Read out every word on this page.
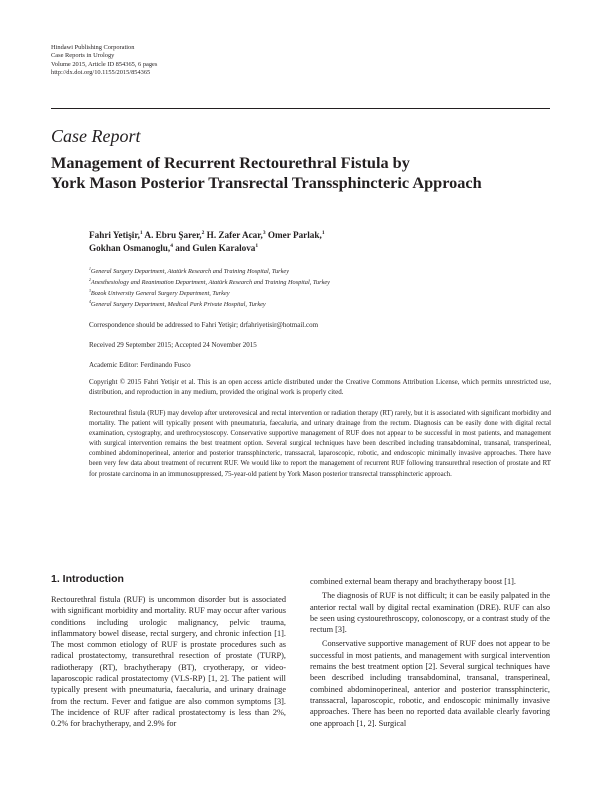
Hindawi Publishing Corporation
Case Reports in Urology
Volume 2015, Article ID 854365, 6 pages
http://dx.doi.org/10.1155/2015/854365
Case Report
Management of Recurrent Rectourethral Fistula by
York Mason Posterior Transrectal Transsphincteric Approach
Fahri Yetişir,$^1$ A. Ebru Şarer,$^2$ H. Zafer Acar,$^3$ Omer Parlak,$^1$
Gokhan Osmanoglu,$^4$ and Gulen Karalova$^1$
$^1$General Surgery Department, Atatürk Research and Training Hospital, Turkey
$^2$Anesthesiology and Reanimation Department, Atatürk Research and Training Hospital, Turkey
$^3$Bozok University General Surgery Department, Turkey
$^4$General Surgery Department, Medical Park Private Hospital, Turkey
Correspondence should be addressed to Fahri Yetişir; drfahriyetisir@hotmail.com
Received 29 September 2015; Accepted 24 November 2015
Academic Editor: Ferdinando Fusco
Copyright © 2015 Fahri Yetişir et al. This is an open access article distributed under the Creative Commons Attribution License, which permits unrestricted use, distribution, and reproduction in any medium, provided the original work is properly cited.
Rectourethral fistula (RUF) may develop after ureterovesical and rectal intervention or radiation therapy (RT) rarely, but it is associated with significant morbidity and mortality. The patient will typically present with pneumaturia, faecaluria, and urinary drainage from the rectum. Diagnosis can be easily done with digital rectal examination, cystography, and urethrocystoscopy. Conservative supportive management of RUF does not appear to be successful in most patients, and management with surgical intervention remains the best treatment option. Several surgical techniques have been described including transabdominal, transanal, transperineal, combined abdominoperineal, anterior and posterior transsphincteric, transsacral, laparoscopic, robotic, and endoscopic minimally invasive approaches. There have been very few data about treatment of recurrent RUF. We would like to report the management of recurrent RUF following transurethral resection of prostate and RT for prostate carcinoma in an immunosuppressed, 75-year-old patient by York Mason posterior transrectal transsphincteric approach.
1. Introduction

Rectourethral fistula (RUF) is uncommon disorder but is associated with significant morbidity and mortality. RUF may occur after various conditions including urologic malignancy, pelvic trauma, inflammatory bowel disease, rectal surgery, and chronic infection [1]. The most common etiology of RUF is prostate procedures such as radical prostatectomy, transurethral resection of prostate (TURP), radiotherapy (RT), brachytherapy (BT), cryotherapy, or video-laparoscopic radical prostatectomy (VLS-RP) [1, 2]. The patient will typically present with pneumaturia, faecaluria, and urinary drainage from the rectum. Fever and fatigue are also common symptoms [3]. The incidence of RUF after radical prostatectomy is less than 2%, 0.2% for brachytherapy, and 2.9% for

combined external beam therapy and brachytherapy boost [1].

The diagnosis of RUF is not difficult; it can be easily palpated in the anterior rectal wall by digital rectal examination (DRE). RUF can also be seen using cystourethroscopy, colonoscopy, or a contrast study of the rectum [3].

Conservative supportive management of RUF does not appear to be successful in most patients, and management with surgical intervention remains the best treatment option [2]. Several surgical techniques have been described including transabdominal, transanal, transperineal, combined abdominoperineal, anterior and posterior transsphincteric, transsacral, laparoscopic, robotic, and endoscopic minimally invasive approaches. There has been no reported data available clearly favoring one approach [1, 2]. Surgical
